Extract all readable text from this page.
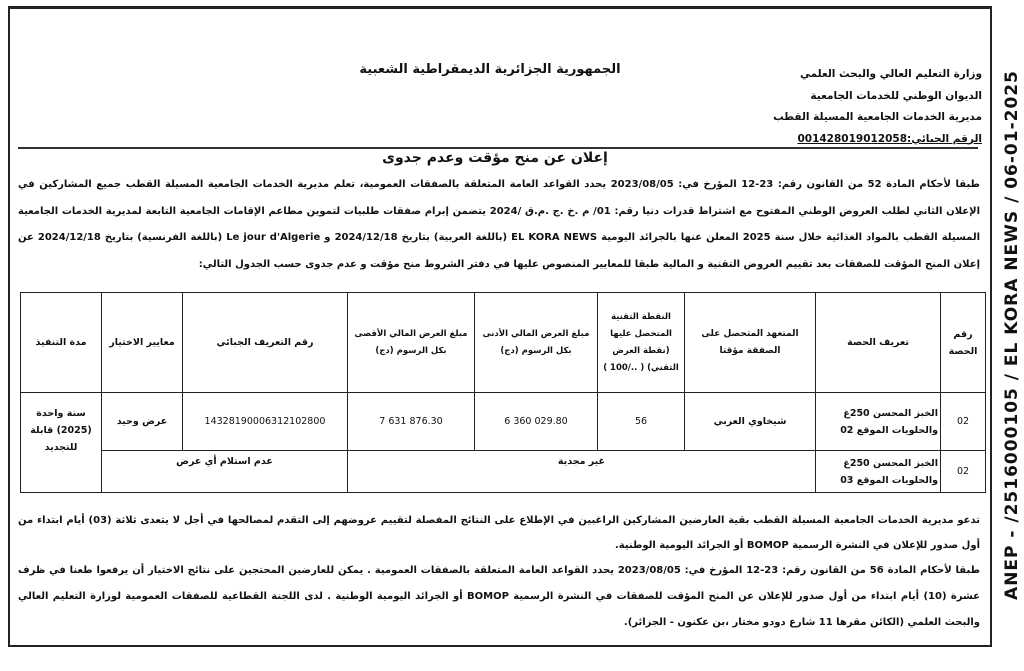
وزارة التعليم العالي والبحث العلمي
الديوان الوطني للخدمات الجامعية
مديرية الخدمات الجامعية المسيلة القطب
الرقم الجبائي:001428019012058
الجمهورية الجزائرية الديمقراطية الشعبية
إعلان عن منح مؤقت وعدم جدوى
طبقا لأحكام المادة 52 من القانون رقم: 23-12 المؤرخ في: 2023/08/05 يحدد القواعد العامة المتعلقة بالصفقات العمومية، تعلم مديرية الخدمات الجامعية المسيلة القطب جميع المشاركين في الإعلان الثاني لطلب العروض الوطني المفتوح مع اشتراط قدرات دنيا رقم: 01/ م .خ .ج .م.ق /2024 يتضمن إبرام صفقات طلبيات لتموين مطاعم الإقامات الجامعية التابعة لمديرية الخدمات الجامعية المسيلة القطب بالمواد الغذائية خلال سنة 2025 المعلن عنها بالجرائد اليومية EL KORA NEWS (باللغة العربية) بتاريخ 2024/12/18 و Le jour d'Algerie (باللغة الفرنسية) بتاريخ 2024/12/18 عن إعلان المنح المؤقت للصفقات بعد تقييم العروض التقنية و المالية طبقا للمعايير المنصوص عليها في دفتر الشروط منح مؤقت و عدم جدوى حسب الجدول التالي:
رقم الحصة	تعريف الحصة	المتعهد المتحصل على الصفقة مؤقتا	النقطة التقنية المتحصل عليها (نقطة العرض التقني) ( ../100 )	مبلغ العرض المالي الأدنى بكل الرسوم (دج)	مبلغ العرض المالي الأقصى بكل الرسوم (دج)	رقم التعريف الجبائي	معايير الاختيار	مدة التنفيذ
02	الخبز المحسن 250غ والحلويات الموقع 02	شيخاوي العربي	56	6 360 029.80	7 631 876.30	143281900063121028​00	عرض وحيد	سنة واحدة (2025) قابلة للتجديد
02	الخبز المحسن 250غ والحلويات الموقع 03	غير مجدية				عدم استلام أي عرض		
تدعو مديرية الخدمات الجامعية المسيلة القطب بقية العارضين المشاركين الراغبين في الإطلاع على النتائج المفصلة لتقييم عروضهم إلى التقدم لمصالحها في أجل لا يتعدى ثلاثة (03) أيام ابتداء من أول صدور للإعلان في النشرة الرسمية BOMOP أو الجرائد اليومية الوطنية.
طبقا لأحكام المادة 56 من القانون رقم: 23-12 المؤرخ في: 2023/08/05 يحدد القواعد العامة المتعلقة بالصفقات العمومية . يمكن للعارضين المحتجين على نتائج الاختيار أن يرفعوا طعنا في ظرف عشرة (10) أيام ابتداء من أول صدور للإعلان عن المنح المؤقت للصفقات في النشرة الرسمية BOMOP أو الجرائد اليومية الوطنية . لدى اللجنة القطاعية للصفقات العمومية لوزارة التعليم العالي والبحث العلمي (الكائن مقرها 11 شارع دودو مختار ،بن عكنون - الجزائر).
ANEP - /2516000105 / EL KORA NEWS / 06-01-2025
